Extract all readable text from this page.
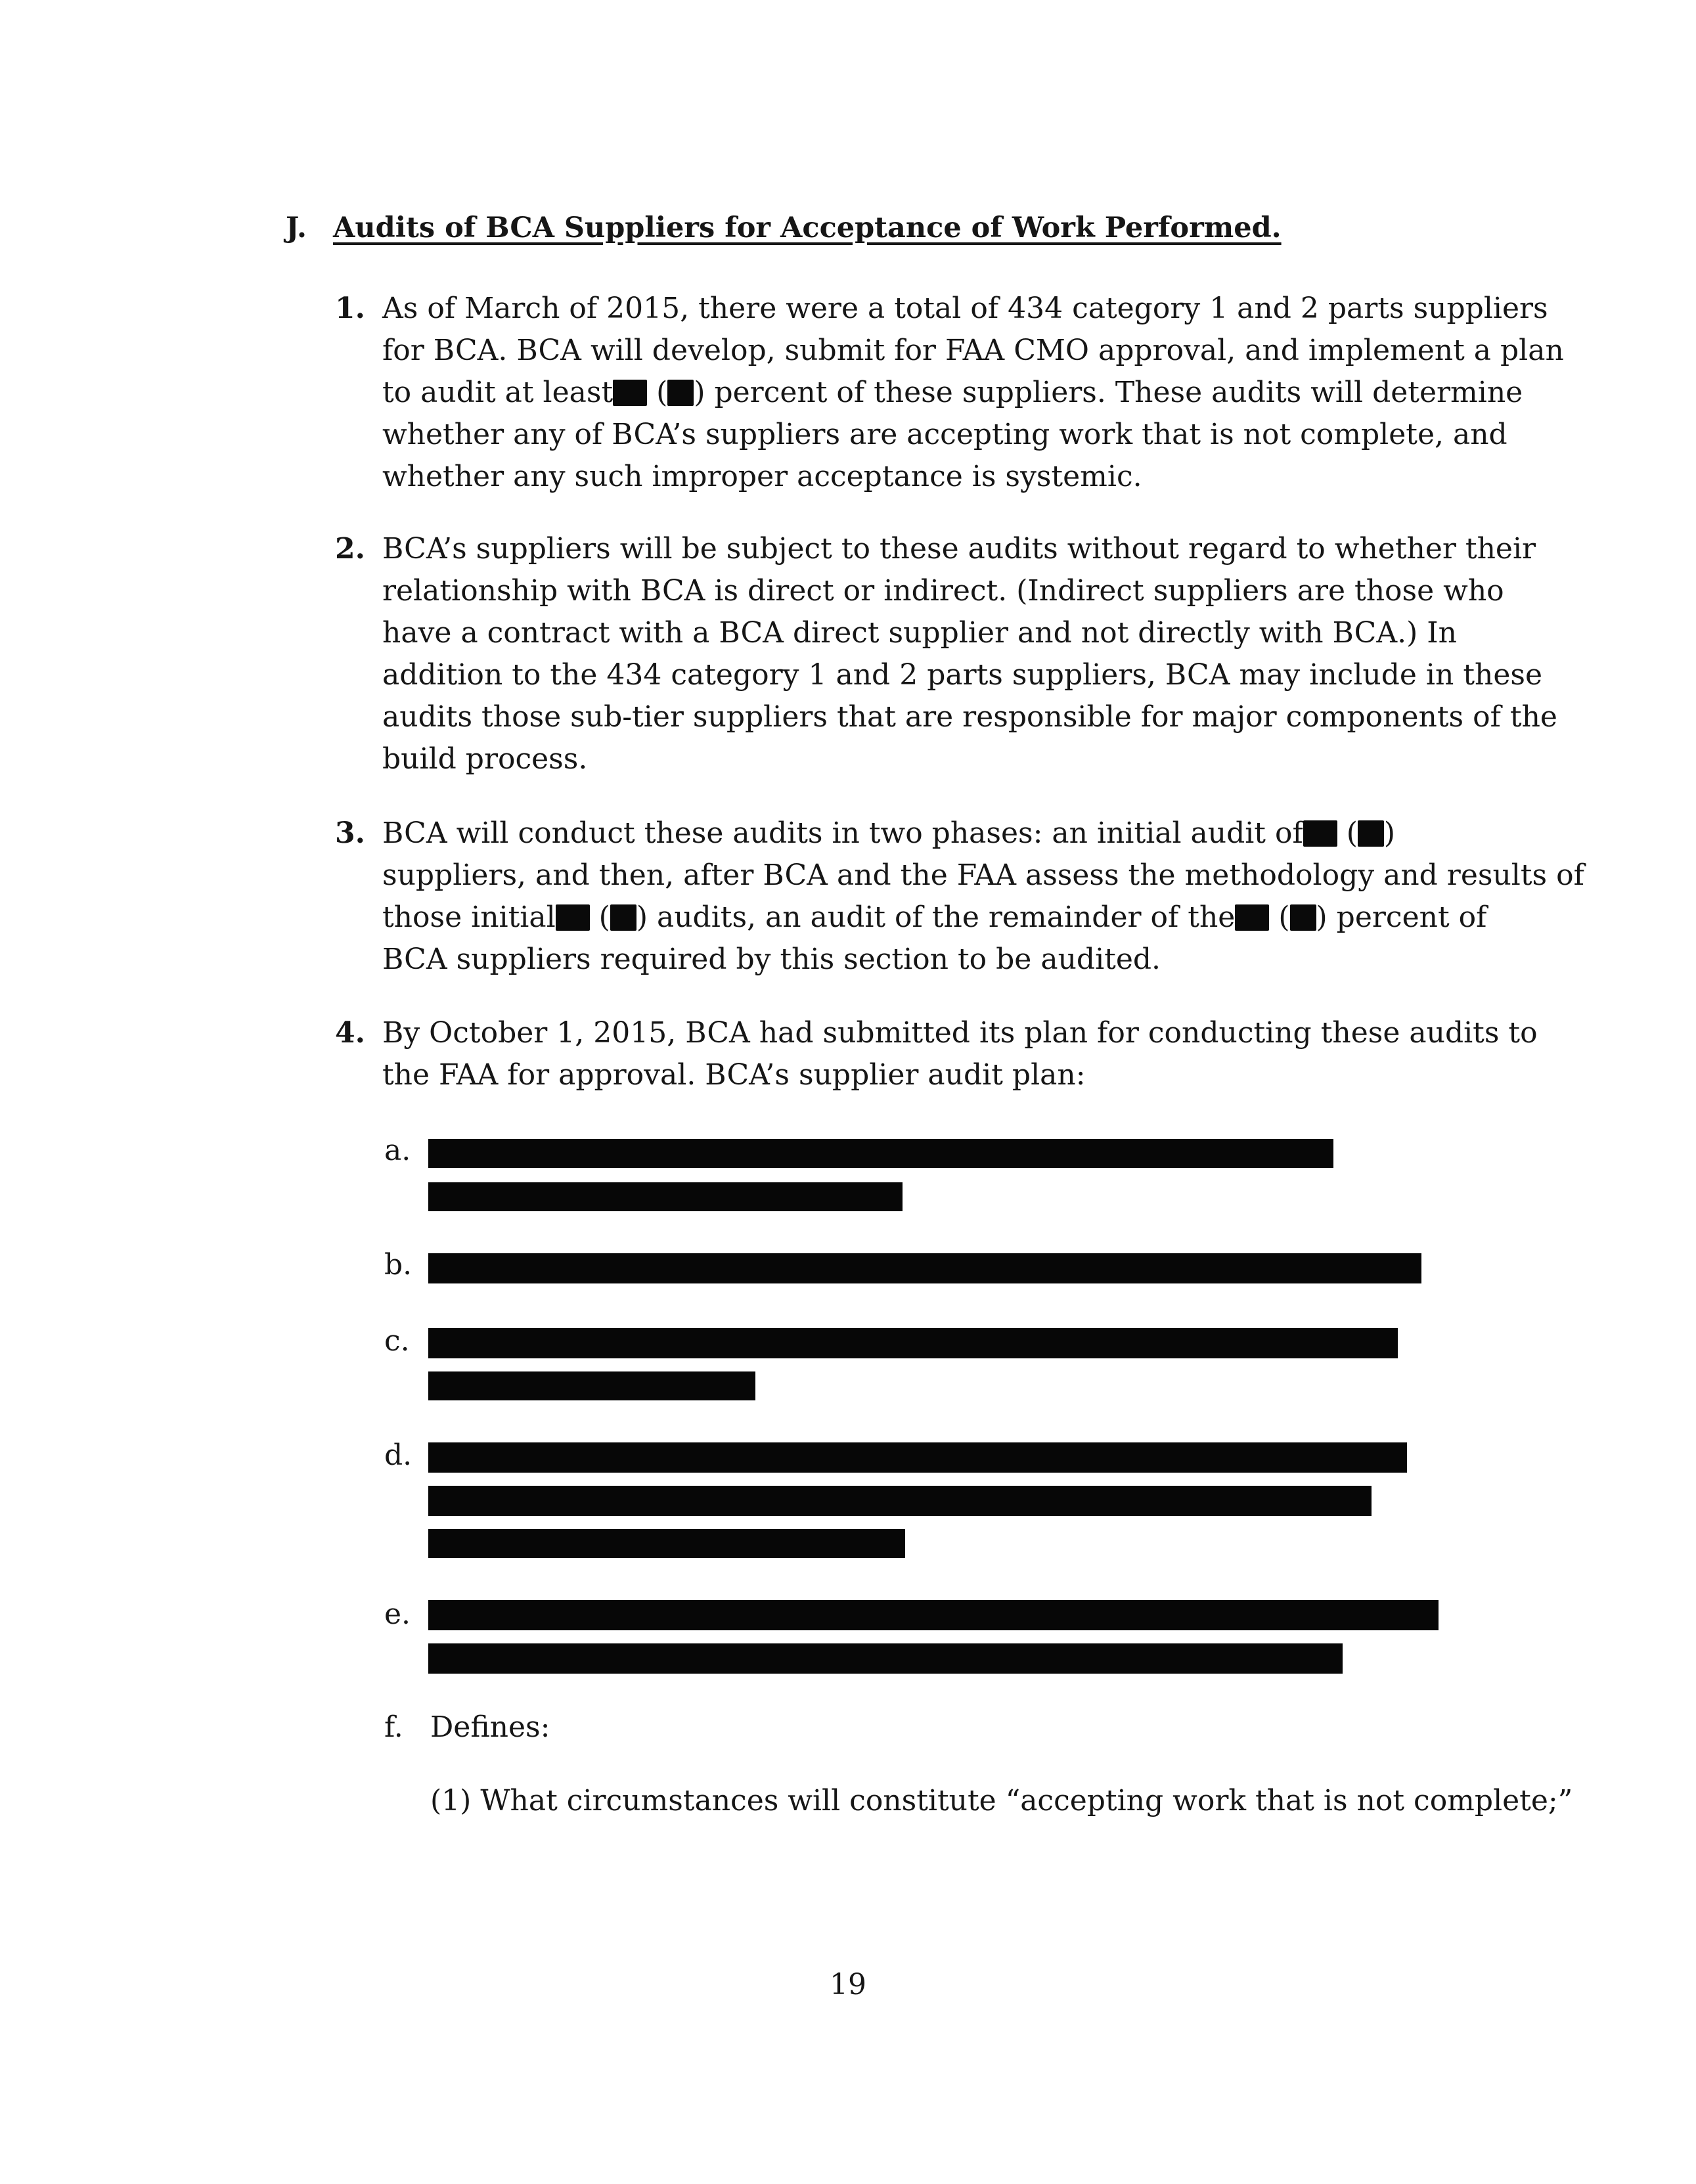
J. Audits of BCA Suppliers for Acceptance of Work Performed.
1. As of March of 2015, there were a total of 434 category 1 and 2 parts suppliers
for BCA. BCA will develop, submit for FAA CMO approval, and implement a plan
to audit at least ( ) percent of these suppliers. These audits will determine
whether any of BCA’s suppliers are accepting work that is not complete, and
whether any such improper acceptance is systemic.
2. BCA’s suppliers will be subject to these audits without regard to whether their
relationship with BCA is direct or indirect. (Indirect suppliers are those who
have a contract with a BCA direct supplier and not directly with BCA.) In
addition to the 434 category 1 and 2 parts suppliers, BCA may include in these
audits those sub-tier suppliers that are responsible for major components of the
build process.
3. BCA will conduct these audits in two phases: an initial audit of ( )
suppliers, and then, after BCA and the FAA assess the methodology and results of
those initial ( ) audits, an audit of the remainder of the ( ) percent of
BCA suppliers required by this section to be audited.
4. By October 1, 2015, BCA had submitted its plan for conducting these audits to
the FAA for approval. BCA’s supplier audit plan:
a.
b.
c.
d.
e.
f. Defines:
(1) What circumstances will constitute “accepting work that is not complete;”
19
